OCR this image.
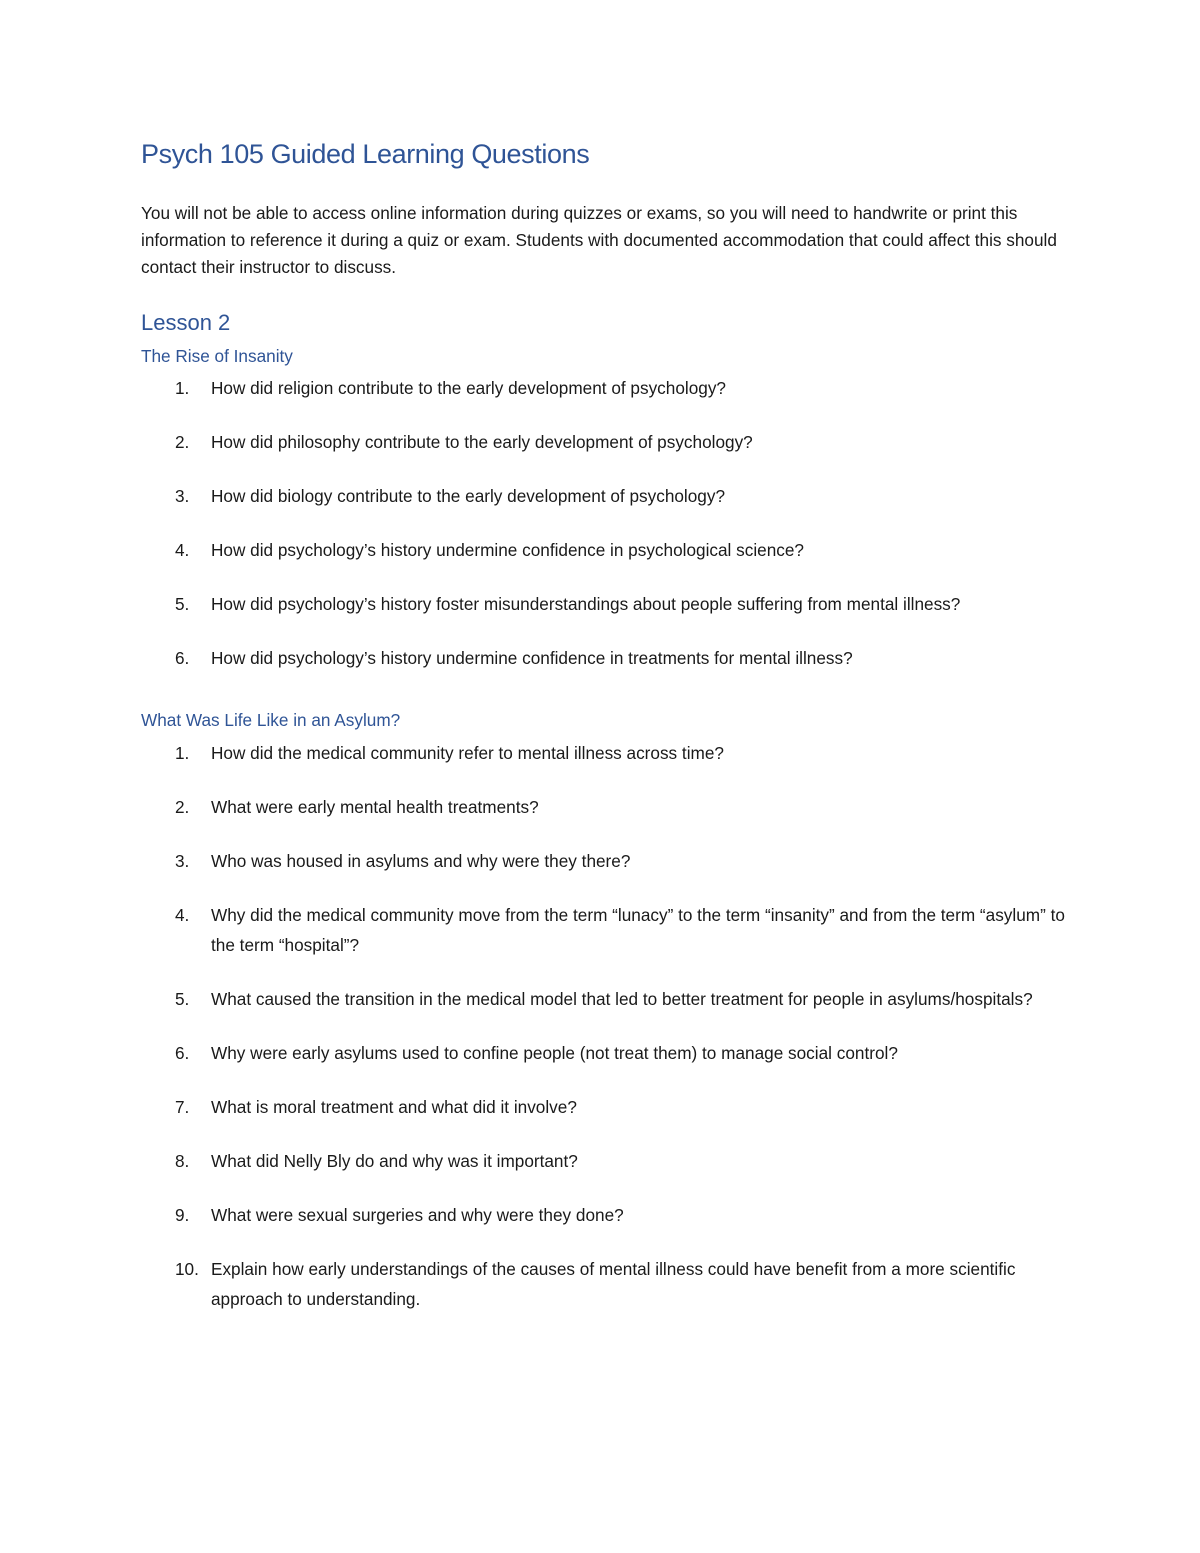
Psych 105 Guided Learning Questions

You will not be able to access online information during quizzes or exams, so you will need to handwrite or print this information to reference it during a quiz or exam. Students with documented accommodation that could affect this should contact their instructor to discuss.

Lesson 2
The Rise of Insanity
1.	How did religion contribute to the early development of psychology?
2.	How did philosophy contribute to the early development of psychology?
3.	How did biology contribute to the early development of psychology?
4.	How did psychology’s history undermine confidence in psychological science?
5.	How did psychology’s history foster misunderstandings about people suffering from mental illness?
6.	How did psychology’s history undermine confidence in treatments for mental illness?
What Was Life Like in an Asylum?
1.	How did the medical community refer to mental illness across time?
2.	What were early mental health treatments?
3.	Who was housed in asylums and why were they there?
4.	Why did the medical community move from the term “lunacy” to the term “insanity” and from the term “asylum” to the term “hospital”?
5.	What caused the transition in the medical model that led to better treatment for people in asylums/hospitals?
6.	Why were early asylums used to confine people (not treat them) to manage social control?
7.	What is moral treatment and what did it involve?
8.	What did Nelly Bly do and why was it important?
9.	What were sexual surgeries and why were they done?
10. Explain how early understandings of the causes of mental illness could have benefit from a more scientific approach to understanding.
